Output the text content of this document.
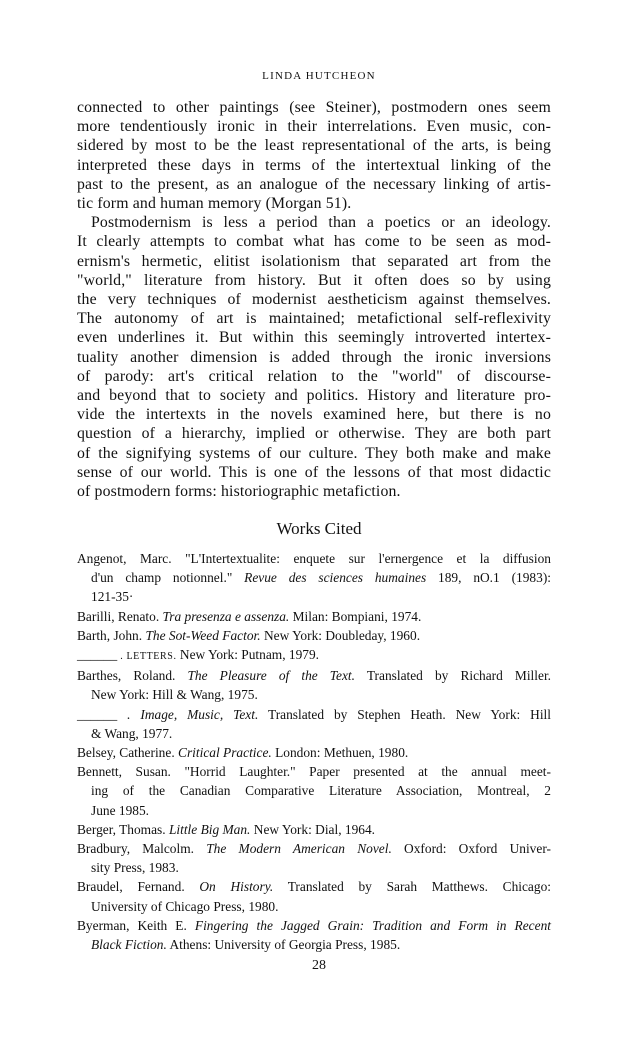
LINDA HUTCHEON
connected to other paintings (see Steiner), postmodern ones seem
more tendentiously ironic in their interrelations. Even music, con-
sidered by most to be the least representational of the arts, is being
interpreted these days in terms of the intertextual linking of the
past to the present, as an analogue of the necessary linking of artis-
tic form and human memory (Morgan 51).
Postmodernism is less a period than a poetics or an ideology.
It clearly attempts to combat what has come to be seen as mod-
ernism's hermetic, elitist isolationism that separated art from the
"world," literature from history. But it often does so by using
the very techniques of modernist aestheticism against themselves.
The autonomy of art is maintained; metafictional self-reflexivity
even underlines it. But within this seemingly introverted intertex-
tuality another dimension is added through the ironic inversions
of parody: art's critical relation to the "world" of discourse-
and beyond that to society and politics. History and literature pro-
vide the intertexts in the novels examined here, but there is no
question of a hierarchy, implied or otherwise. They are both part
of the signifying systems of our culture. They both make and make
sense of our world. This is one of the lessons of that most didactic
of postmodern forms: historiographic metafiction.
Works Cited
Angenot, Marc. "L'Intertextualite: enquete sur l'ernergence et la diffusion
d'un champ notionnel." Revue des sciences humaines 189, nO.1 (1983):
121-35·
Barilli, Renato. Tra presenza e assenza. Milan: Bompiani, 1974.
Barth, John. The Sot-Weed Factor. New York: Doubleday, 1960.
______ . LETTERS. New York: Putnam, 1979.
Barthes, Roland. The Pleasure of the Text. Translated by Richard Miller.
New York: Hill & Wang, 1975.
______ . Image, Music, Text. Translated by Stephen Heath. New York: Hill
& Wang, 1977.
Belsey, Catherine. Critical Practice. London: Methuen, 1980.
Bennett, Susan. "Horrid Laughter." Paper presented at the annual meet-
ing of the Canadian Comparative Literature Association, Montreal, 2
June 1985.
Berger, Thomas. Little Big Man. New York: Dial, 1964.
Bradbury, Malcolm. The Modern American Novel. Oxford: Oxford Univer-
sity Press, 1983.
Braudel, Fernand. On History. Translated by Sarah Matthews. Chicago:
University of Chicago Press, 1980.
Byerman, Keith E. Fingering the Jagged Grain: Tradition and Form in Recent
Black Fiction. Athens: University of Georgia Press, 1985.
28
